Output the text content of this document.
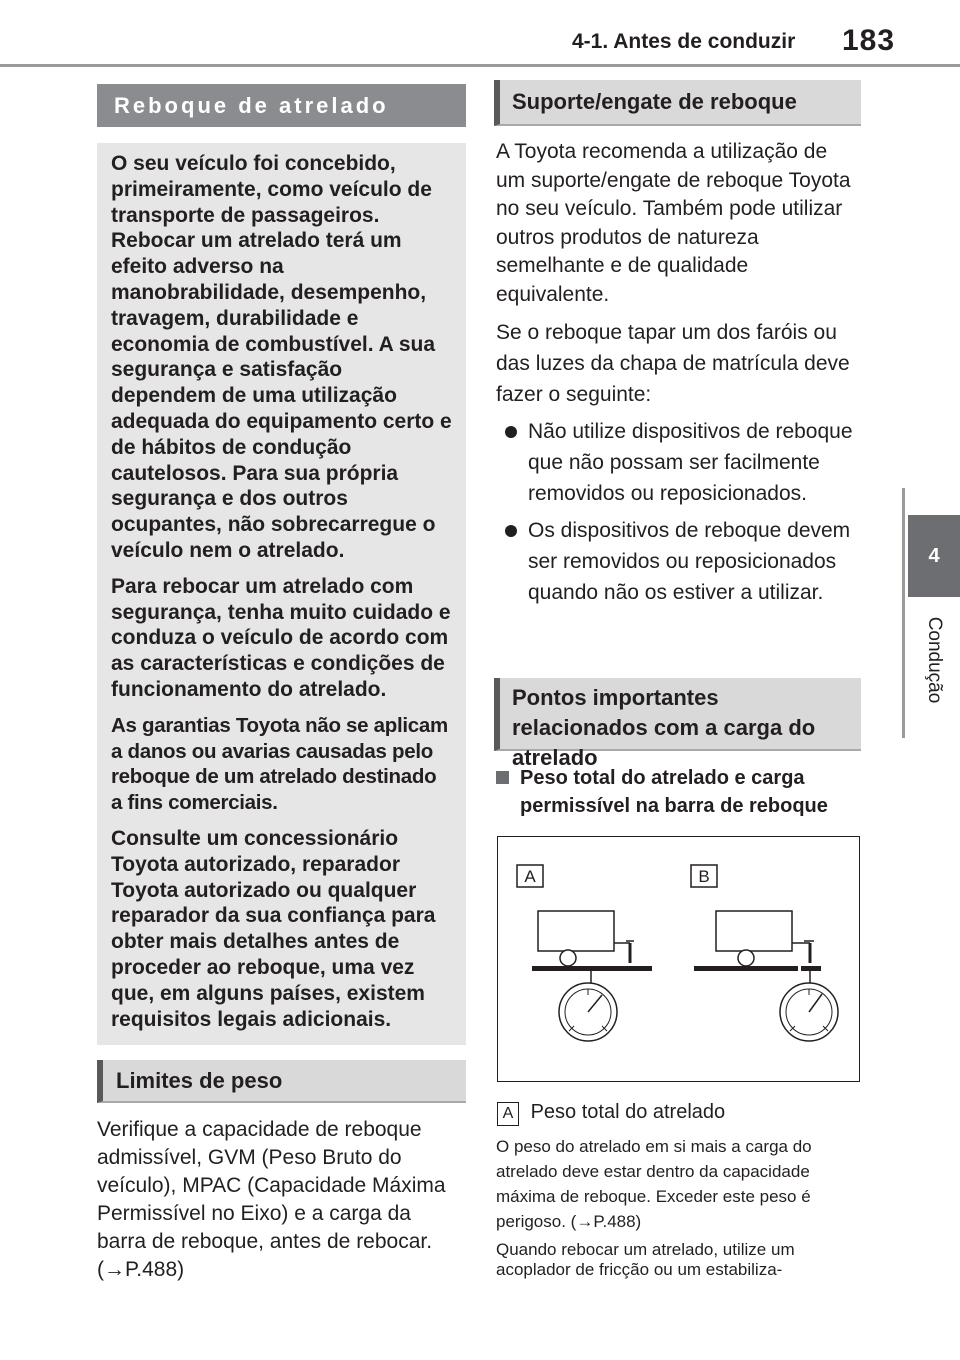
4-1. Antes de conduzir 183
4
Condução
Reboque de atrelado

O seu veículo foi concebido, primeiramente, como veículo de transporte de passageiros. Rebocar um atrelado terá um efeito adverso na manobrabilidade, desempenho, travagem, durabilidade e economia de combustível. A sua segurança e satisfação dependem de uma utilização adequada do equipamento certo e de hábitos de condução cautelosos. Para sua própria segurança e dos outros ocupantes, não sobrecarregue o veículo nem o atrelado.

Para rebocar um atrelado com segurança, tenha muito cuidado e conduza o veículo de acordo com as características e condições de funcionamento do atrelado.

As garantias Toyota não se aplicam a danos ou avarias causadas pelo reboque de um atrelado destinado a fins comerciais.

Consulte um concessionário Toyota autorizado, reparador Toyota autorizado ou qualquer reparador da sua confiança para obter mais detalhes antes de proceder ao reboque, uma vez que, em alguns países, existem requisitos legais adicionais.

Limites de peso

Verifique a capacidade de reboque admissível, GVM (Peso Bruto do veículo), MPAC (Capacidade Máxima Permissível no Eixo) e a carga da barra de reboque, antes de rebocar. (→P.488)

Suporte/engate de reboque

A Toyota recomenda a utilização de um suporte/engate de reboque Toyota no seu veículo. Também pode utilizar outros produtos de natureza semelhante e de qualidade equivalente.

Se o reboque tapar um dos faróis ou das luzes da chapa de matrícula deve fazer o seguinte:

Não utilize dispositivos de reboque que não possam ser facilmente removidos ou reposicionados.

Os dispositivos de reboque devem ser removidos ou reposicionados quando não os estiver a utilizar.

Pontos importantes relacionados com a carga do atrelado
Peso total do atrelado e carga permissível na barra de reboque
A	B
A Peso total do atrelado

O peso do atrelado em si mais a carga do atrelado deve estar dentro da capacidade máxima de reboque. Exceder este peso é perigoso. (→P.488)

Quando rebocar um atrelado, utilize um acoplador de fricção ou um estabiliza-
